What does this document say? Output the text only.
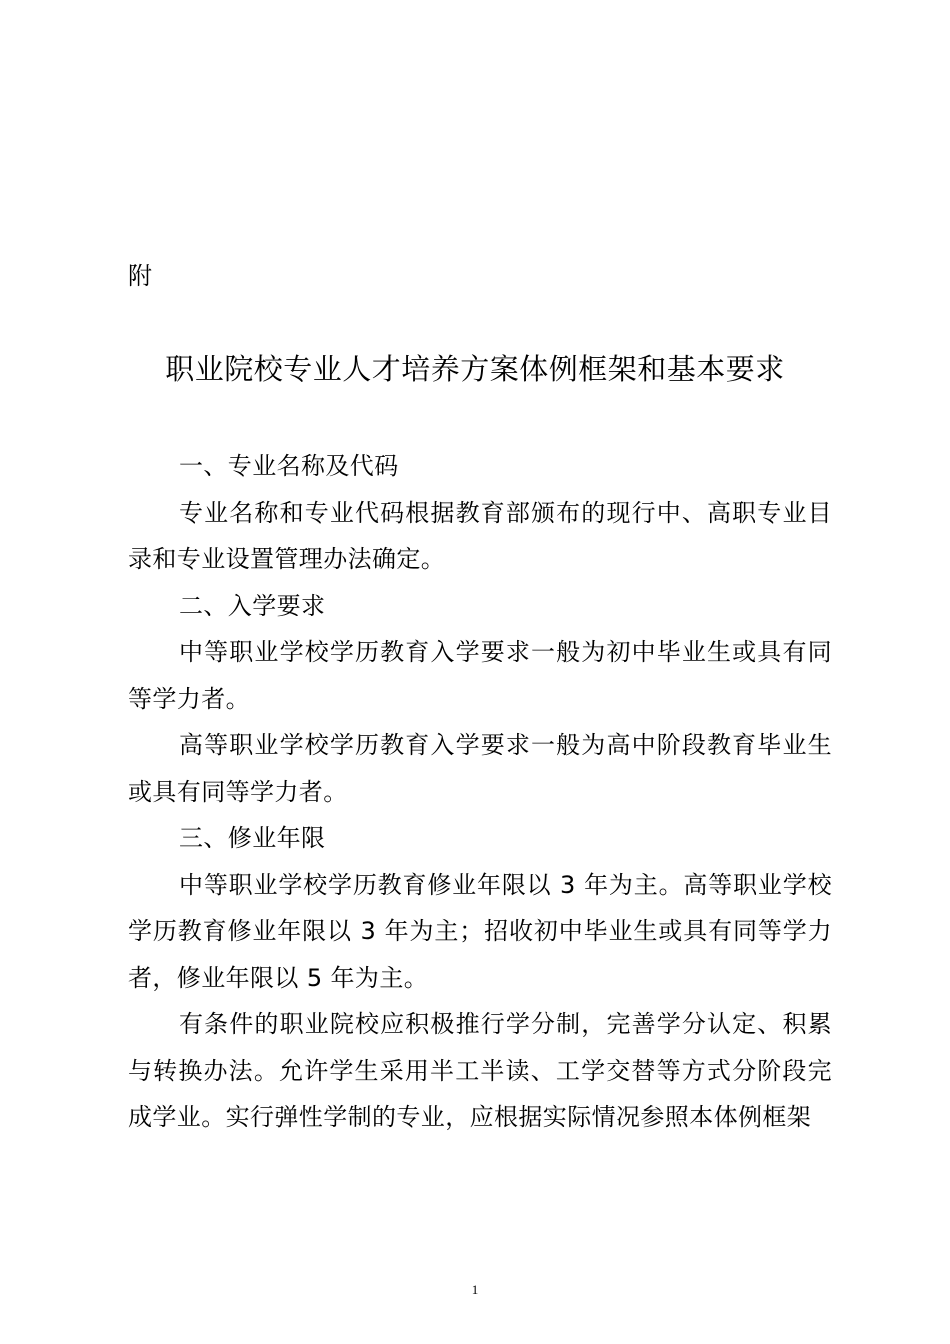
附
职业院校专业人才培养方案体例框架和基本要求

一、专业名称及代码

专业名称和专业代码根据教育部颁布的现行中、高职专业目录和专业设置管理办法确定。

二、入学要求

中等职业学校学历教育入学要求一般为初中毕业生或具有同等学力者。

高等职业学校学历教育入学要求一般为高中阶段教育毕业生或具有同等学力者。

三、修业年限

中等职业学校学历教育修业年限以 3 年为主。高等职业学校学历教育修业年限以 3 年为主；招收初中毕业生或具有同等学力者，修业年限以 5 年为主。

有条件的职业院校应积极推行学分制，完善学分认定、积累与转换办法。允许学生采用半工半读、工学交替等方式分阶段完成学业。实行弹性学制的专业，应根据实际情况参照本体例框架

1
